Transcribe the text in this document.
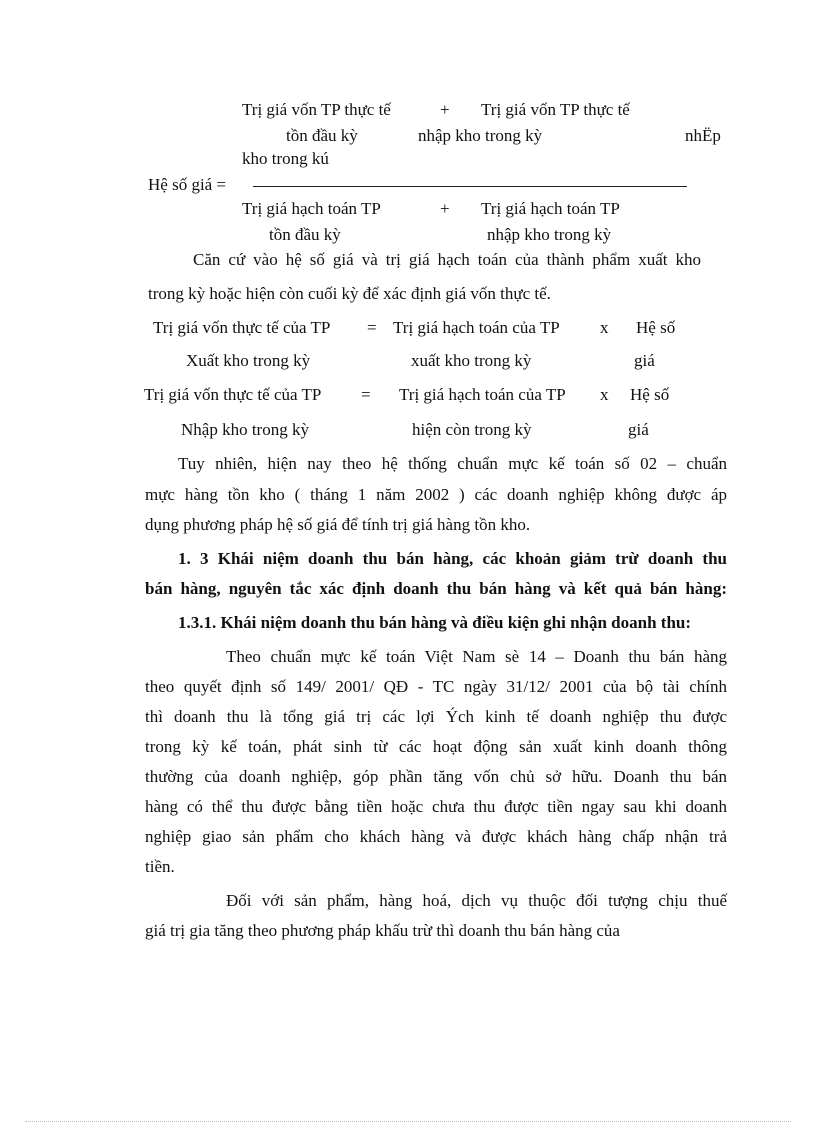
Trị giá vốn TP thực tế	+ Trị giá vốn TP thực tế
tồn đầu kỳ	nhập kho trong kỳ	nhËp
kho trong kú
Hệ số giá =
Trị giá hạch toán TP	+ Trị giá hạch toán TP
tồn đầu kỳ	nhập kho trong kỳ
Căn cứ vào hệ số giá và trị giá hạch toán của thành phẩm xuất kho
trong kỳ hoặc hiện còn cuối kỳ để xác định giá vốn thực tế.
Trị giá vốn thực tế của TP = Trị giá hạch toán của TP x Hệ số
Xuất kho trong kỳ	xuất kho trong kỳ	giá
Trị giá vốn thực tế của TP = Trị giá hạch toán của TP x Hệ số
Nhập kho trong kỳ	hiện còn trong kỳ	giá
Tuy nhiên, hiện nay theo hệ thống chuẩn mực kế toán số 02 – chuẩn
mực hàng tồn kho ( tháng 1 năm 2002 ) các doanh nghiệp không được áp
dụng phương pháp hệ số giá để tính trị giá hàng tồn kho.
1. 3 Khái niệm doanh thu bán hàng, các khoản giảm trừ doanh thu
bán hàng, nguyên tắc xác định doanh thu bán hàng và kết quả bán hàng:
1.3.1. Khái niệm doanh thu bán hàng và điều kiện ghi nhận doanh thu:
Theo chuẩn mực kế toán Việt Nam sè 14 – Doanh thu bán hàng
theo quyết định số 149/ 2001/ QĐ - TC ngày 31/12/ 2001 của bộ tài chính
thì doanh thu là tổng giá trị các lợi Ých kinh tế doanh nghiệp thu được
trong kỳ kế toán, phát sinh từ các hoạt động sản xuất kinh doanh thông
thường của doanh nghiệp, góp phần tăng vốn chủ sở hữu. Doanh thu bán
hàng có thể thu được bằng tiền hoặc chưa thu được tiền ngay sau khi doanh
nghiệp giao sản phẩm cho khách hàng và được khách hàng chấp nhận trả
tiền.
Đối với sản phẩm, hàng hoá, dịch vụ thuộc đối tượng chịu thuế
giá trị gia tăng theo phương pháp khấu trừ thì doanh thu bán hàng của
